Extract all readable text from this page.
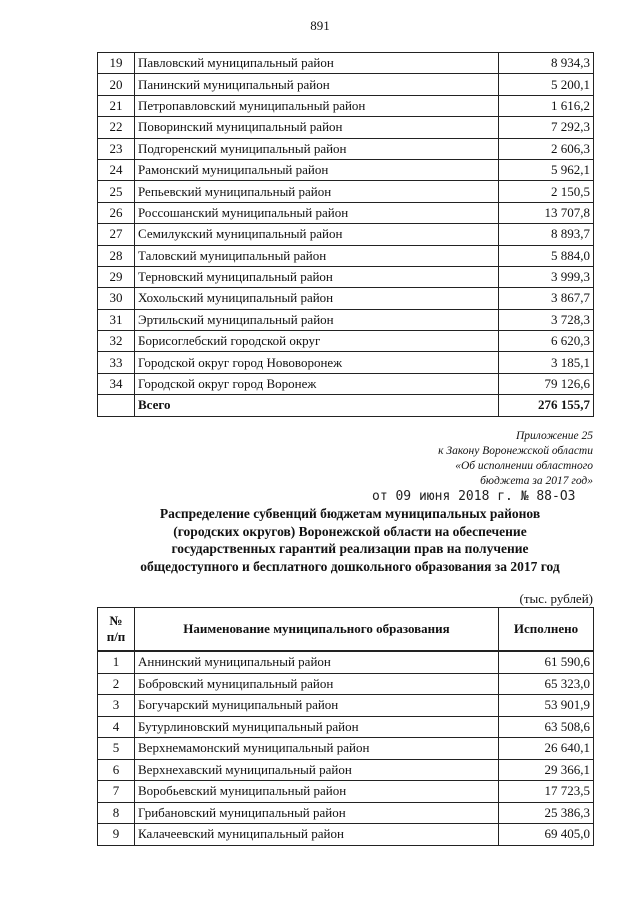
891
19	Павловский муниципальный район	8 934,3
20	Панинский муниципальный район	5 200,1
21	Петропавловский муниципальный район	1 616,2
22	Поворинский муниципальный район	7 292,3
23	Подгоренский муниципальный район	2 606,3
24	Рамонский муниципальный район	5 962,1
25	Репьевский муниципальный район	2 150,5
26	Россошанский муниципальный район	13 707,8
27	Семилукский муниципальный район	8 893,7
28	Таловский муниципальный район	5 884,0
29	Терновский муниципальный район	3 999,3
30	Хохольский муниципальный район	3 867,7
31	Эртильский муниципальный район	3 728,3
32	Борисоглебский городской округ	6 620,3
33	Городской округ город Нововоронеж	3 185,1
34	Городской округ город Воронеж	79 126,6
	Всего	276 155,7
Приложение 25
к Закону Воронежской области
«Об исполнении областного
бюджета за 2017 год»
от 09 июня 2018 г. № 88-ОЗ
Распределение субвенций бюджетам муниципальных районов
(городских округов) Воронежской области на обеспечение
государственных гарантий реализации прав на получение
общедоступного и бесплатного дошкольного образования за 2017 год
(тыс. рублей)
№
п/п	Наименование муниципального образования	Исполнено
1	Аннинский муниципальный район	61 590,6
2	Бобровский муниципальный район	65 323,0
3	Богучарский муниципальный район	53 901,9
4	Бутурлиновский муниципальный район	63 508,6
5	Верхнемамонский муниципальный район	26 640,1
6	Верхнехавский муниципальный район	29 366,1
7	Воробьевский муниципальный район	17 723,5
8	Грибановский муниципальный район	25 386,3
9	Калачеевский муниципальный район	69 405,0
